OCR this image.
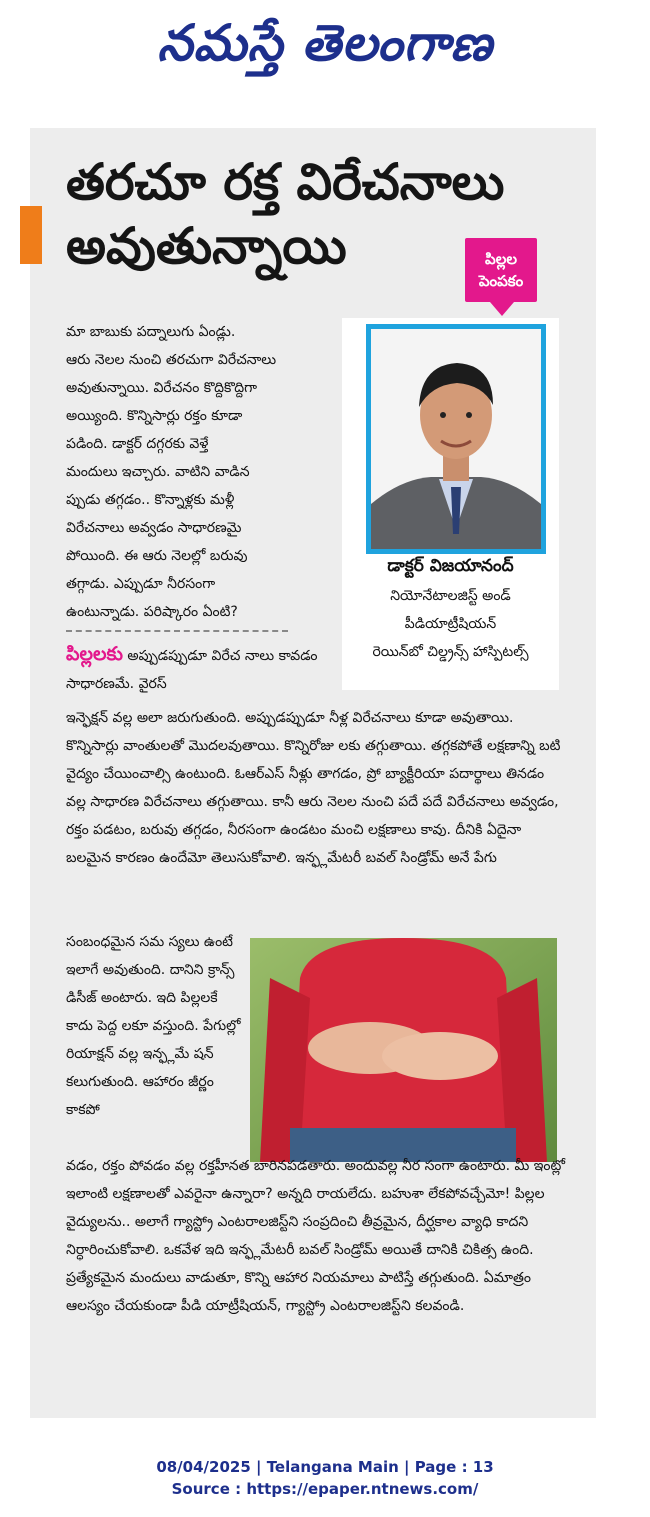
నమస్తే తెలంగాణ
తరచూ రక్త విరేచనాలు
అవుతున్నాయి	పిల్లల
పెంపకం
మా బాబుకు పద్నాలుగు ఏండ్లు.
ఆరు నెలల నుంచి తరచుగా విరేచనాలు
అవుతున్నాయి. విరేచనం కొద్దికొద్దిగా
అయ్యింది. కొన్నిసార్లు రక్తం కూడా
పడింది. డాక్టర్ దగ్గరకు వెళ్తే
మందులు ఇచ్చారు. వాటిని వాడిన
ప్పుడు తగ్గడం.. కొన్నాళ్లకు మళ్లీ
విరేచనాలు అవ్వడం సాధారణమై
పోయింది. ఈ ఆరు నెలల్లో బరువు
తగ్గాడు. ఎప్పుడూ నీరసంగా
ఉంటున్నాడు. పరిష్కారం ఏంటి?
డాక్టర్ విజయానంద్
నియోనేటాలజిస్ట్ అండ్
పీడియాట్రీషియన్
రెయిన్‌బో చిల్డ్రన్స్ హాస్పిటల్స్
పిల్లలకు అప్పుడప్పుడూ విరేచ నాలు కావడం సాధారణమే. వైరస్
ఇన్ఫెక్షన్ వల్ల అలా జరుగుతుంది. అప్పుడప్పుడూ నీళ్ల విరేచనాలు కూడా అవుతాయి. కొన్నిసార్లు వాంతులతో మొదలవుతాయి. కొన్నిరోజు లకు తగ్గుతాయి. తగ్గకపోతే లక్షణాన్ని బటి వైద్యం చేయించాల్సి ఉంటుంది. ఓఆర్ఎస్ నీళ్లు తాగడం, ప్రో బ్యాక్టీరియా పదార్థాలు తినడం వల్ల సాధారణ విరేచనాలు తగ్గుతాయి. కానీ ఆరు నెలల నుంచి పదే పదే విరేచనాలు అవ్వడం, రక్తం పడటం, బరువు తగ్గడం, నీరసంగా ఉండటం మంచి లక్షణాలు కావు. దీనికి ఏదైనా బలమైన కారణం ఉందేమో తెలుసుకోవాలి. ఇన్ఫ్లమేటరీ బవల్ సిండ్రోమ్ అనే పేగు
సంబంధమైన సమ స్యలు ఉంటే ఇలాగే అవుతుంది. దానిని క్రాన్స్ డిసీజ్ అంటారు. ఇది పిల్లలకే కాదు పెద్ద లకూ వస్తుంది. పేగుల్లో రియాక్షన్ వల్ల ఇన్ఫ్లమే షన్ కలుగుతుంది. ఆహారం జీర్ణం కాకపో
వడం, రక్తం పోవడం వల్ల రక్తహీనత బారినపడతారు. అందువల్ల నీర సంగా ఉంటారు. మీ ఇంట్లో ఇలాంటి లక్షణాలతో ఎవరైనా ఉన్నారా? అన్నది రాయలేదు. బహుశా లేకపోవచ్చేమో! పిల్లల వైద్యులను.. అలాగే గ్యాస్ట్రో ఎంటరాలజిస్ట్‌ని సంప్రదించి తీవ్రమైన, దీర్ఘకాల వ్యాధి కాదని నిర్ధారించుకోవాలి. ఒకవేళ ఇది ఇన్ఫ్లమేటరీ బవల్ సిండ్రోమ్ అయితే దానికి చికిత్స ఉంది. ప్రత్యేకమైన మందులు వాడుతూ, కొన్ని ఆహార నియమాలు పాటిస్తే తగ్గుతుంది. ఏమాత్రం ఆలస్యం చేయకుండా పీడి యాట్రీషియన్, గ్యాస్ట్రో ఎంటరాలజిస్ట్‌ని కలవండి.
08/04/2025 | Telangana Main | Page : 13
Source : https://epaper.ntnews.com/
